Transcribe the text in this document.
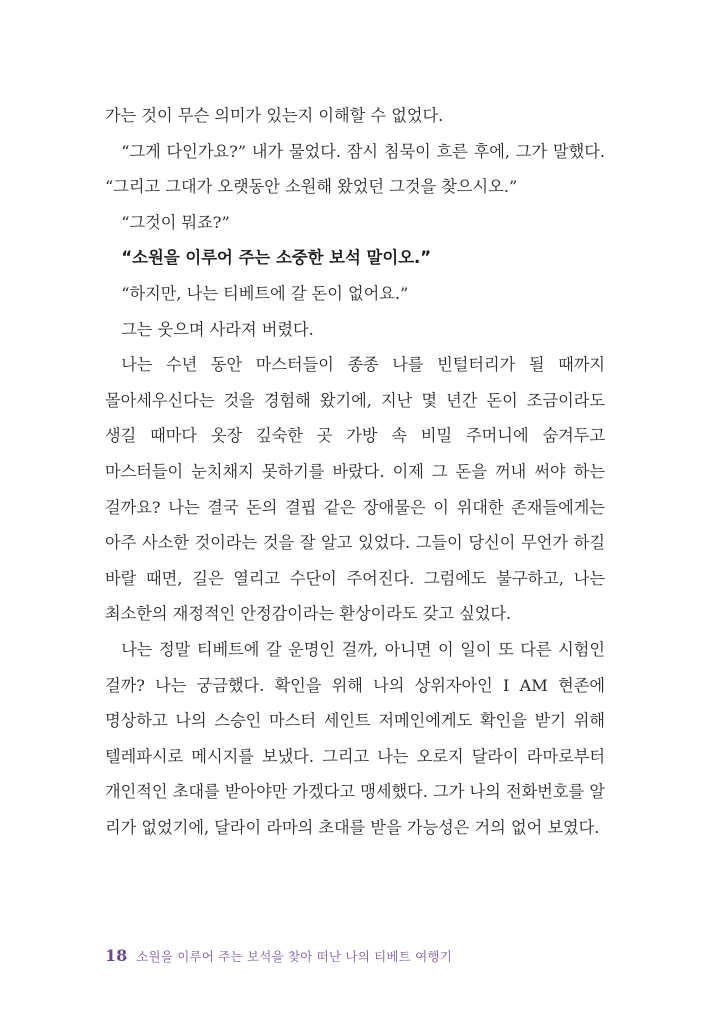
가는 것이 무슨 의미가 있는지 이해할 수 없었다.

“그게 다인가요?” 내가 물었다. 잠시 침묵이 흐른 후에, 그가 말했다. “그리고 그대가 오랫동안 소원해 왔었던 그것을 찾으시오.”

“그것이 뭐죠?”

“소원을 이루어 주는 소중한 보석 말이오.”

“하지만, 나는 티베트에 갈 돈이 없어요.”

그는 웃으며 사라져 버렸다.

나는 수년 동안 마스터들이 종종 나를 빈털터리가 될 때까지 몰아세우신다는 것을 경험해 왔기에, 지난 몇 년간 돈이 조금이라도 생길 때마다 옷장 깊숙한 곳 가방 속 비밀 주머니에 숨겨두고 마스터들이 눈치채지 못하기를 바랐다. 이제 그 돈을 꺼내 써야 하는 걸까요? 나는 결국 돈의 결핍 같은 장애물은 이 위대한 존재들에게는 아주 사소한 것이라는 것을 잘 알고 있었다. 그들이 당신이 무언가 하길 바랄 때면, 길은 열리고 수단이 주어진다. 그럼에도 불구하고, 나는 최소한의 재정적인 안정감이라는 환상이라도 갖고 싶었다.

나는 정말 티베트에 갈 운명인 걸까, 아니면 이 일이 또 다른 시험인 걸까? 나는 궁금했다. 확인을 위해 나의 상위자아인 I AM 현존에 명상하고 나의 스승인 마스터 세인트 저메인에게도 확인을 받기 위해 텔레파시로 메시지를 보냈다. 그리고 나는 오로지 달라이 라마로부터 개인적인 초대를 받아야만 가겠다고 맹세했다. 그가 나의 전화번호를 알 리가 없었기에, 달라이 라마의 초대를 받을 가능성은 거의 없어 보였다.

18 소원을 이루어 주는 보석을 찾아 떠난 나의 티베트 여행기
